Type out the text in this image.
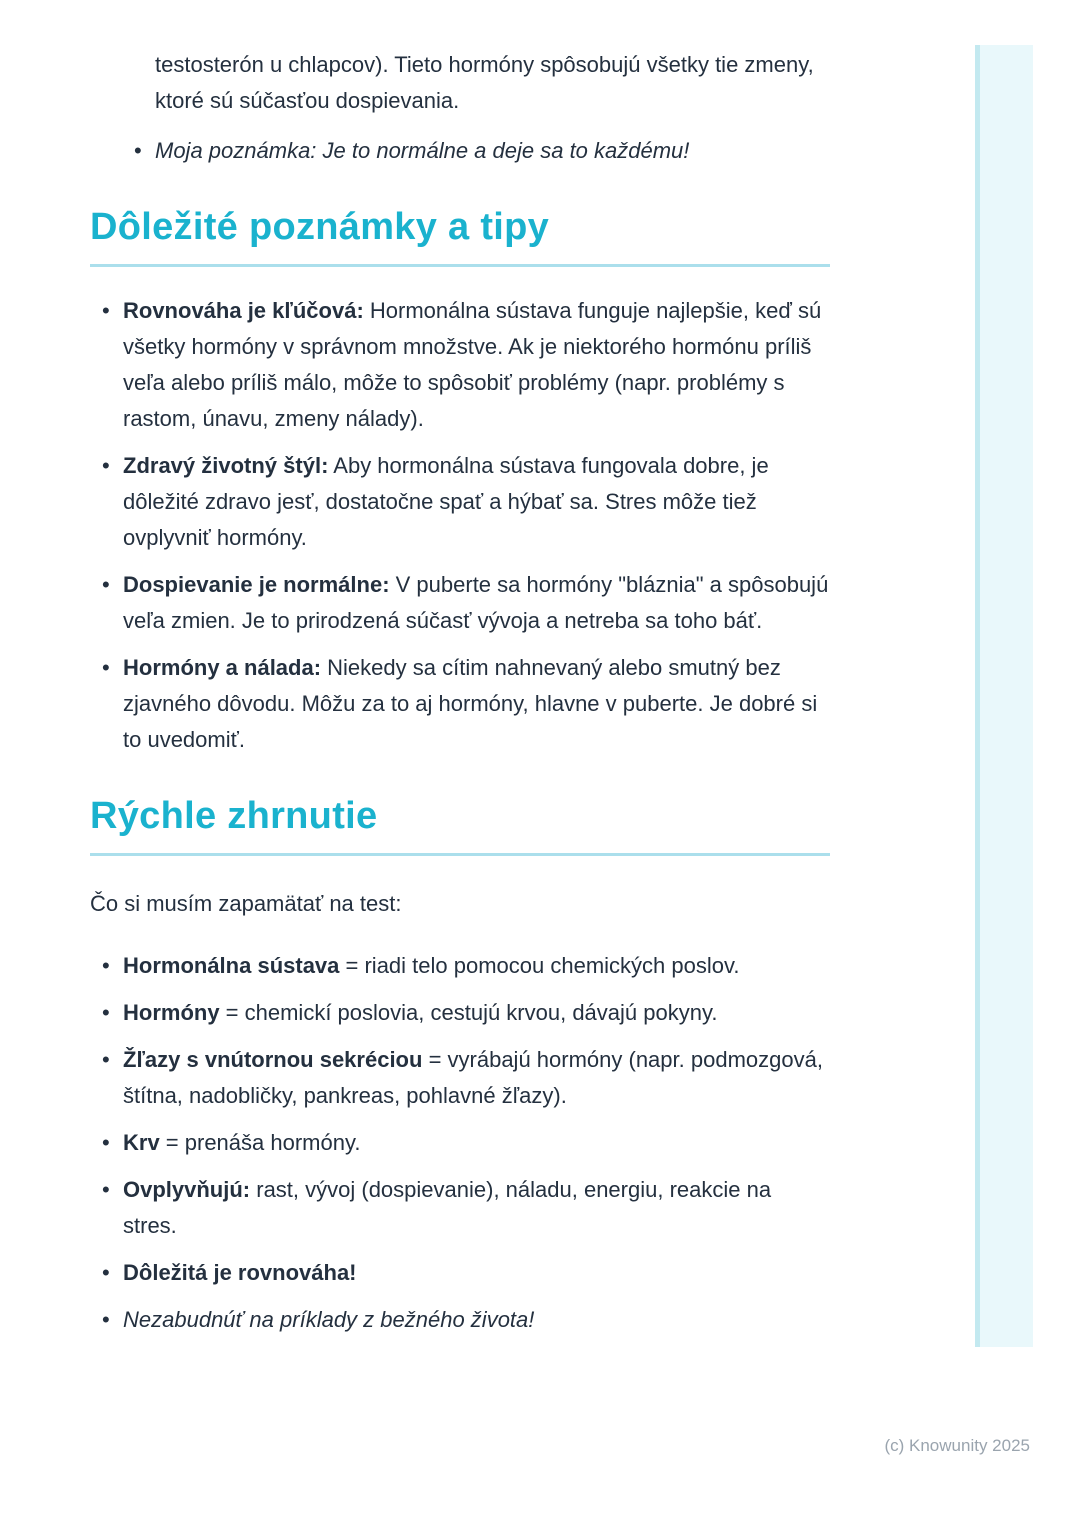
testosterón u chlapcov). Tieto hormóny spôsobujú všetky tie zmeny, ktoré sú súčasťou dospievania.
• Moja poznámka: Je to normálne a deje sa to každému!
Dôležité poznámky a tipy
• Rovnováha je kľúčová: Hormonálna sústava funguje najlepšie, keď sú všetky hormóny v správnom množstve. Ak je niektorého hormónu príliš veľa alebo príliš málo, môže to spôsobiť problémy (napr. problémy s rastom, únavu, zmeny nálady).
• Zdravý životný štýl: Aby hormonálna sústava fungovala dobre, je dôležité zdravo jesť, dostatočne spať a hýbať sa. Stres môže tiež ovplyvniť hormóny.
• Dospievanie je normálne: V puberte sa hormóny "bláznia" a spôsobujú veľa zmien. Je to prirodzená súčasť vývoja a netreba sa toho báť.
• Hormóny a nálada: Niekedy sa cítim nahnevaný alebo smutný bez zjavného dôvodu. Môžu za to aj hormóny, hlavne v puberte. Je dobré si to uvedomiť.
Rýchle zhrnutie
Čo si musím zapamätať na test:
• Hormonálna sústava = riadi telo pomocou chemických poslov.
• Hormóny = chemickí poslovia, cestujú krvou, dávajú pokyny.
• Žľazy s vnútornou sekréciou = vyrábajú hormóny (napr. podmozgová, štítna, nadobličky, pankreas, pohlavné žľazy).
• Krv = prenáša hormóny.
• Ovplyvňujú: rast, vývoj (dospievanie), náladu, energiu, reakcie na stres.
• Dôležitá je rovnováha!
• Nezabudnúť na príklady z bežného života!
(c) Knowunity 2025
